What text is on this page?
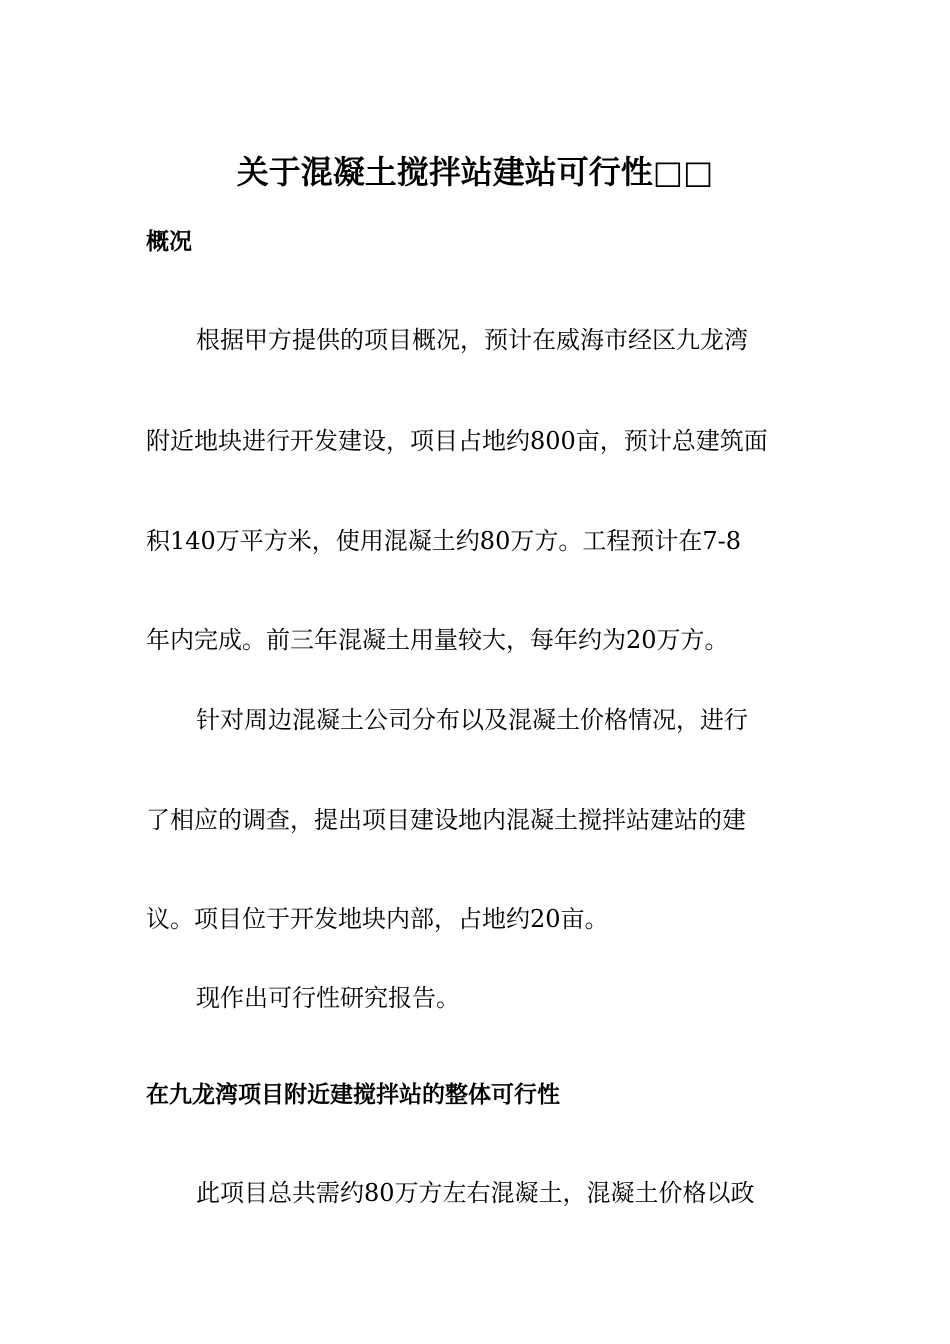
关于混凝土搅拌站建站可行性□□
概况
根据甲方提供的项目概况，预计在威海市经区九龙湾
附近地块进行开发建设，项目占地约800亩，预计总建筑面
积140万平方米，使用混凝土约80万方。工程预计在7-8
年内完成。前三年混凝土用量较大，每年约为20万方。
针对周边混凝土公司分布以及混凝土价格情况，进行
了相应的调查，提出项目建设地内混凝土搅拌站建站的建
议。项目位于开发地块内部，占地约20亩。
现作出可行性研究报告。
在九龙湾项目附近建搅拌站的整体可行性
此项目总共需约80万方左右混凝土，混凝土价格以政
